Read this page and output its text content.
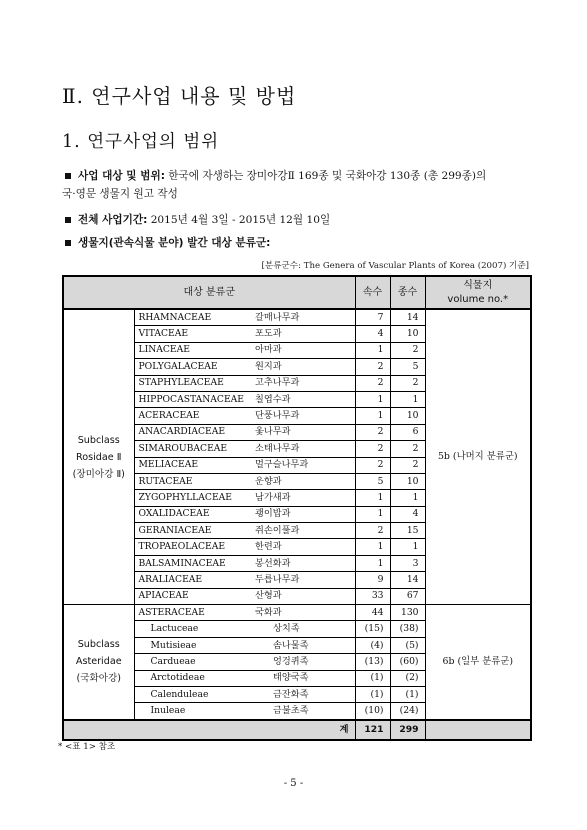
Ⅱ. 연구사업 내용 및 방법
1. 연구사업의 범위
사업 대상 및 범위: 한국에 자생하는 장미아강Ⅱ 169종 및 국화아강 130종 (총 299종)의
국·영문 생물지 원고 작성
전체 사업기간: 2015년 4월 3일 - 2015년 12월 10일
생물지(관속식물 분야) 발간 대상 분류군:
[분류군수: The Genera of Vascular Plants of Korea (2007) 기준]
대상 분류군			속수	종수	식물지
volume no.*

Subclass
Rosidae Ⅱ
(장미아강 Ⅱ)	RHAMNACEAE	갈매나무과	7	14	5b (나머지 분류군)
	VITACEAE	포도과	4	10	
	LINACEAE	아마과	1	2	
	POLYGALACEAE	원지과	2	5	
	STAPHYLEACEAE	고추나무과	2	2	
	HIPPOCASTANACEAE	칠엽수과	1	1	
	ACERACEAE	단풍나무과	1	10	
	ANACARDIACEAE	옻나무과	2	6	
	SIMAROUBACEAE	소태나무과	2	2	
	MELIACEAE	멀구슬나무과	2	2	
	RUTACEAE	운향과	5	10	
	ZYGOPHYLLACEAE	남가새과	1	1	
	OXALIDACEAE	괭이밥과	1	4	
	GERANIACEAE	쥐손이풀과	2	15	
	TROPAEOLACEAE	한련과	1	1	
	BALSAMINACEAE	봉선화과	1	3	
	ARALIACEAE	두릅나무과	9	14	
	APIACEAE	산형과	33	67	

Subclass
Asteridae
(국화아강)	ASTERACEAE	국화과	44	130	6b (일부 분류군)
	Lactuceae	상치족	(15)	(38)	
	Mutisieae	솜나물족	(4)	(5)	
	Cardueae	엉겅퀴족	(13)	(60)	
	Arctotideae	태양국족	(1)	(2)	
	Calenduleae	금잔화족	(1)	(1)	
	Inuleae	금불초족	(10)	(24)	
계			121	299	
* <표 1> 참조
- 5 -
